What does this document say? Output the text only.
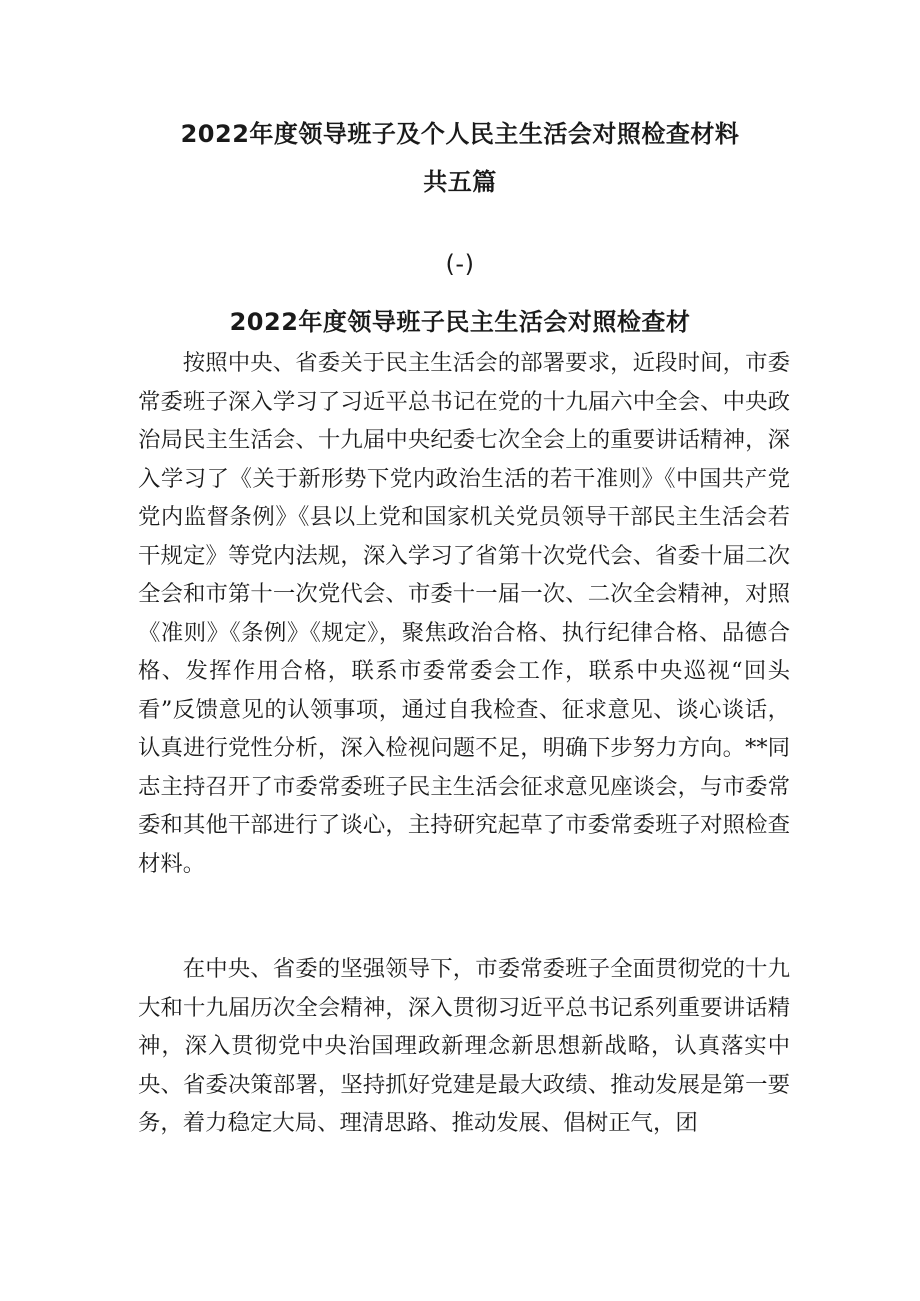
2022年度领导班子及个人民主生活会对照检查材料
共五篇
(-)
2022年度领导班子民主生活会对照检查材

按照中央、省委关于民主生活会的部署要求，近段时间，市委常委班子深入学习了习近平总书记在党的十九届六中全会、中央政治局民主生活会、十九届中央纪委七次全会上的重要讲话精神，深入学习了《关于新形势下党内政治生活的若干准则》《中国共产党党内监督条例》《县以上党和国家机关党员领导干部民主生活会若干规定》等党内法规，深入学习了省第十次党代会、省委十届二次全会和市第十一次党代会、市委十一届一次、二次全会精神，对照《准则》《条例》《规定》，聚焦政治合格、执行纪律合格、品德合格、发挥作用合格，联系市委常委会工作，联系中央巡视“回头看”反馈意见的认领事项，通过自我检查、征求意见、谈心谈话，认真进行党性分析，深入检视问题不足，明确下步努力方向。**同志主持召开了市委常委班子民主生活会征求意见座谈会，与市委常委和其他干部进行了谈心，主持研究起草了市委常委班子对照检查材料。

在中央、省委的坚强领导下，市委常委班子全面贯彻党的十九大和十九届历次全会精神，深入贯彻习近平总书记系列重要讲话精神，深入贯彻党中央治国理政新理念新思想新战略，认真落实中央、省委决策部署，坚持抓好党建是最大政绩、推动发展是第一要务，着力稳定大局、理清思路、推动发展、倡树正气，团
